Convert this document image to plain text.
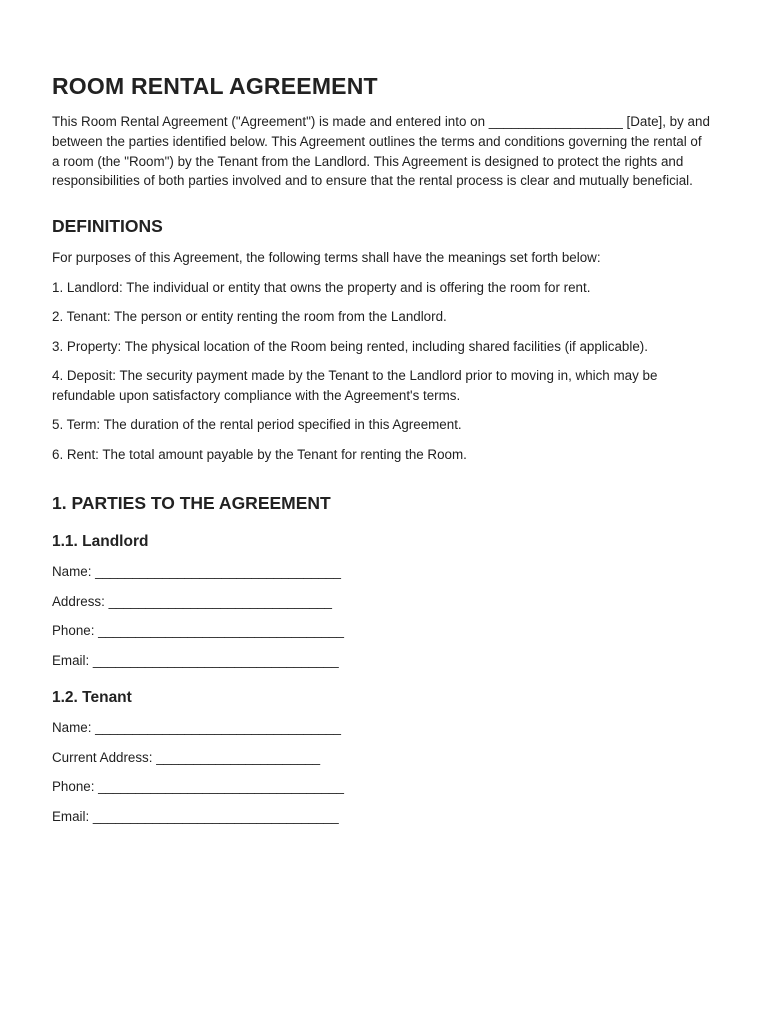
ROOM RENTAL AGREEMENT

This Room Rental Agreement ("Agreement") is made and entered into on __________________ [Date], by and between the parties identified below. This Agreement outlines the terms and conditions governing the rental of a room (the "Room") by the Tenant from the Landlord. This Agreement is designed to protect the rights and responsibilities of both parties involved and to ensure that the rental process is clear and mutually beneficial.

DEFINITIONS

For purposes of this Agreement, the following terms shall have the meanings set forth below:

1. Landlord: The individual or entity that owns the property and is offering the room for rent.

2. Tenant: The person or entity renting the room from the Landlord.

3. Property: The physical location of the Room being rented, including shared facilities (if applicable).

4. Deposit: The security payment made by the Tenant to the Landlord prior to moving in, which may be refundable upon satisfactory compliance with the Agreement's terms.

5. Term: The duration of the rental period specified in this Agreement.

6. Rent: The total amount payable by the Tenant for renting the Room.

1. PARTIES TO THE AGREEMENT
1.1. Landlord

Name: _________________________________

Address: ______________________________

Phone: _________________________________

Email: _________________________________

1.2. Tenant

Name: _________________________________

Current Address: ______________________

Phone: _________________________________

Email: _________________________________
